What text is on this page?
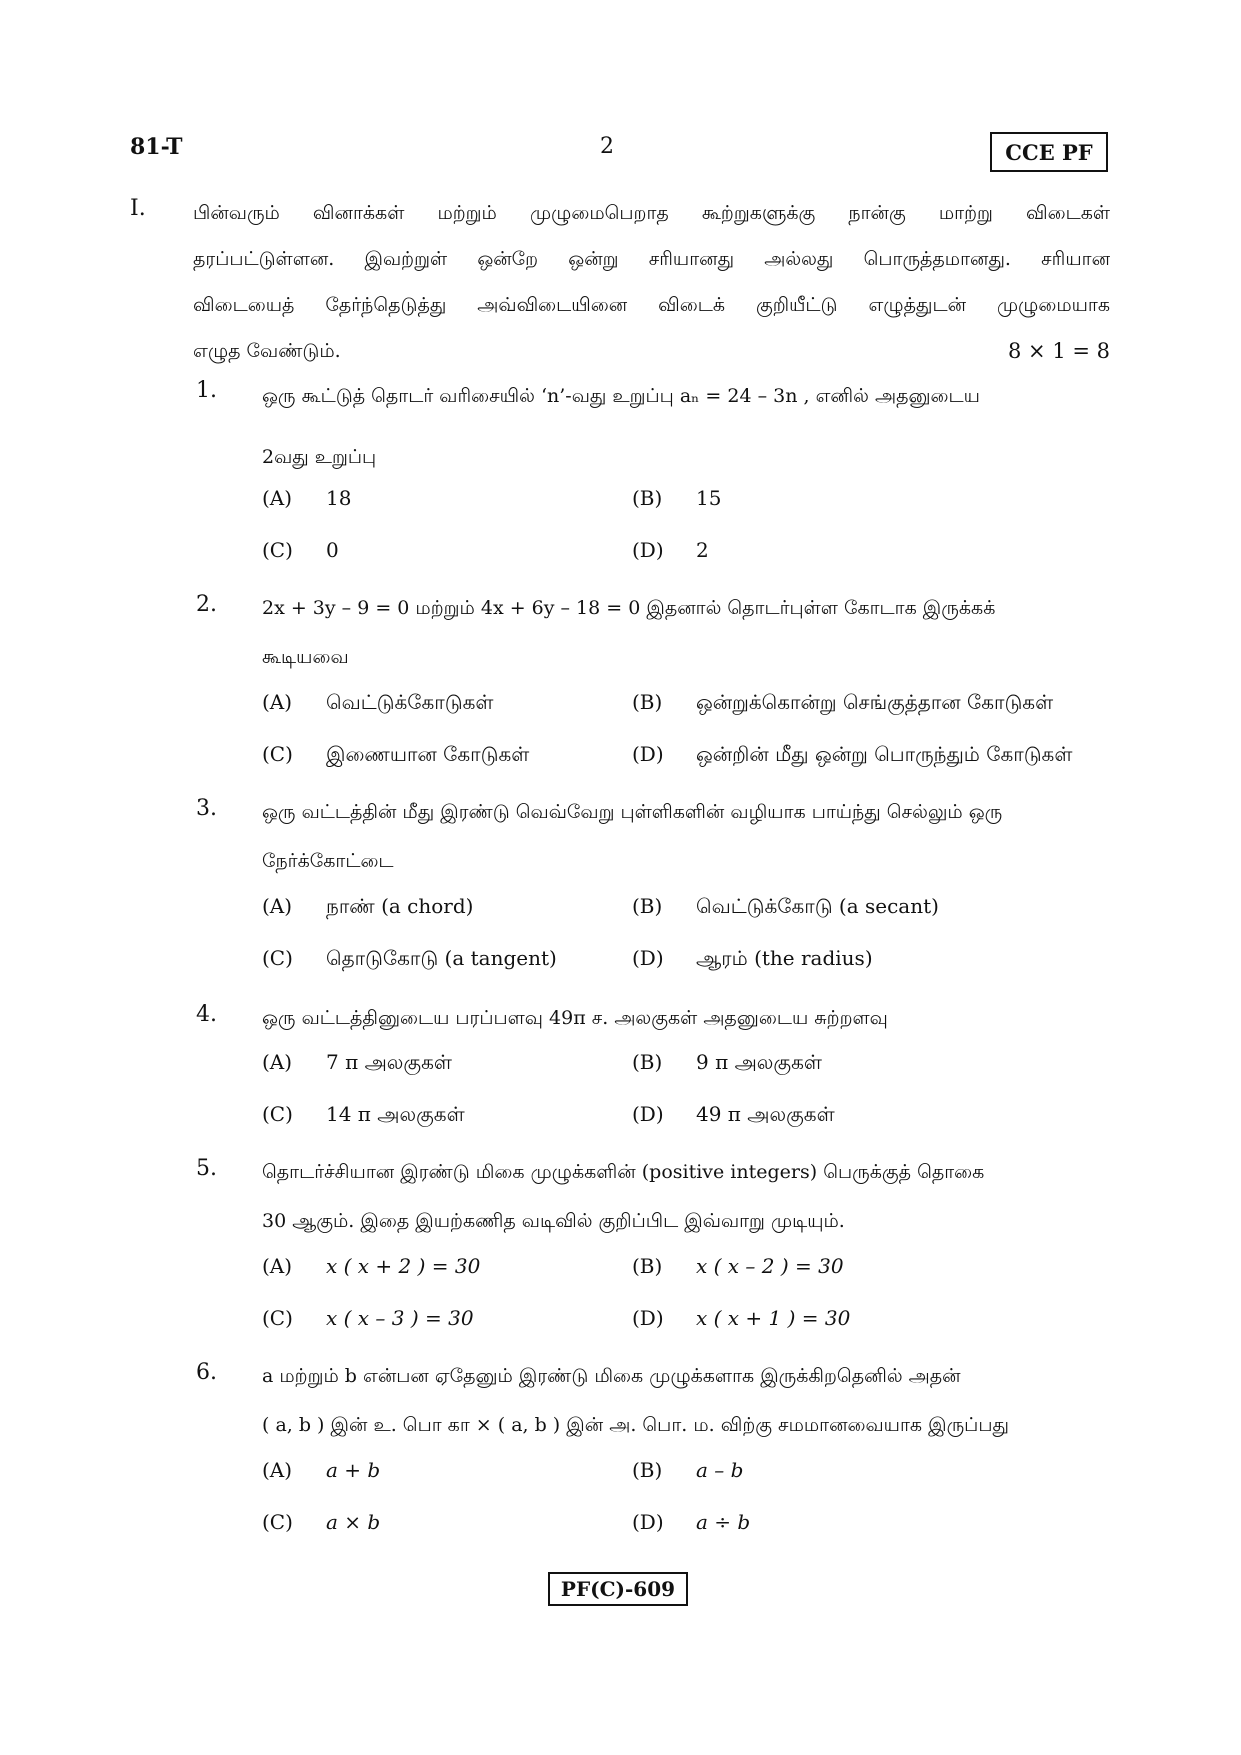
81-T	2	CCE PF
I. பின்வரும் வினாக்கள் மற்றும் முழுமைபெறாத கூற்றுகளுக்கு நான்கு மாற்று விடைகள்
தரப்பட்டுள்ளன. இவற்றுள் ஒன்றே ஒன்று சரியானது அல்லது பொருத்தமானது. சரியான
விடையைத் தேர்ந்தெடுத்து அவ்விடையினை விடைக் குறியீட்டு எழுத்துடன் முழுமையாக
எழுத வேண்டும்.	8 × 1 = 8
1. ஒரு கூட்டுத் தொடர் வரிசையில் ‘n’-வது உறுப்பு aₙ = 24 – 3n , எனில் அதனுடைய
2வது உறுப்பு
(A)	18	(B)	15
(C)	0	(D)	2
2. 2x + 3y – 9 = 0 மற்றும் 4x + 6y – 18 = 0 இதனால் தொடர்புள்ள கோடாக இருக்கக்
கூடியவை
(A)	வெட்டுக்கோடுகள்	(B)	ஒன்றுக்கொன்று செங்குத்தான கோடுகள்
(C)	இணையான கோடுகள்	(D)	ஒன்றின் மீது ஒன்று பொருந்தும் கோடுகள்
3. ஒரு வட்டத்தின் மீது இரண்டு வெவ்வேறு புள்ளிகளின் வழியாக பாய்ந்து செல்லும் ஒரு
நேர்க்கோட்டை
(A)	நாண் (a chord)	(B)	வெட்டுக்கோடு (a secant)
(C)	தொடுகோடு (a tangent)	(D)	ஆரம் (the radius)
4. ஒரு வட்டத்தினுடைய பரப்பளவு 49π ச. அலகுகள் அதனுடைய சுற்றளவு
(A)	7 π அலகுகள்	(B)	9 π அலகுகள்
(C)	14 π அலகுகள்	(D)	49 π அலகுகள்
5. தொடர்ச்சியான இரண்டு மிகை முழுக்களின் (positive integers) பெருக்குத் தொகை
30 ஆகும். இதை இயற்கணித வடிவில் குறிப்பிட இவ்வாறு முடியும்.
(A)	x ( x + 2 ) = 30	(B)	x ( x – 2 ) = 30
(C)	x ( x – 3 ) = 30	(D)	x ( x + 1 ) = 30
6. a மற்றும் b என்பன ஏதேனும் இரண்டு மிகை முழுக்களாக இருக்கிறதெனில் அதன்
( a, b ) இன் உ. பொ கா × ( a, b ) இன் அ. பொ. ம. விற்கு சமமானவையாக இருப்பது
(A)	a + b	(B)	a – b
(C)	a × b	(D)	a ÷ b
PF(C)-609
